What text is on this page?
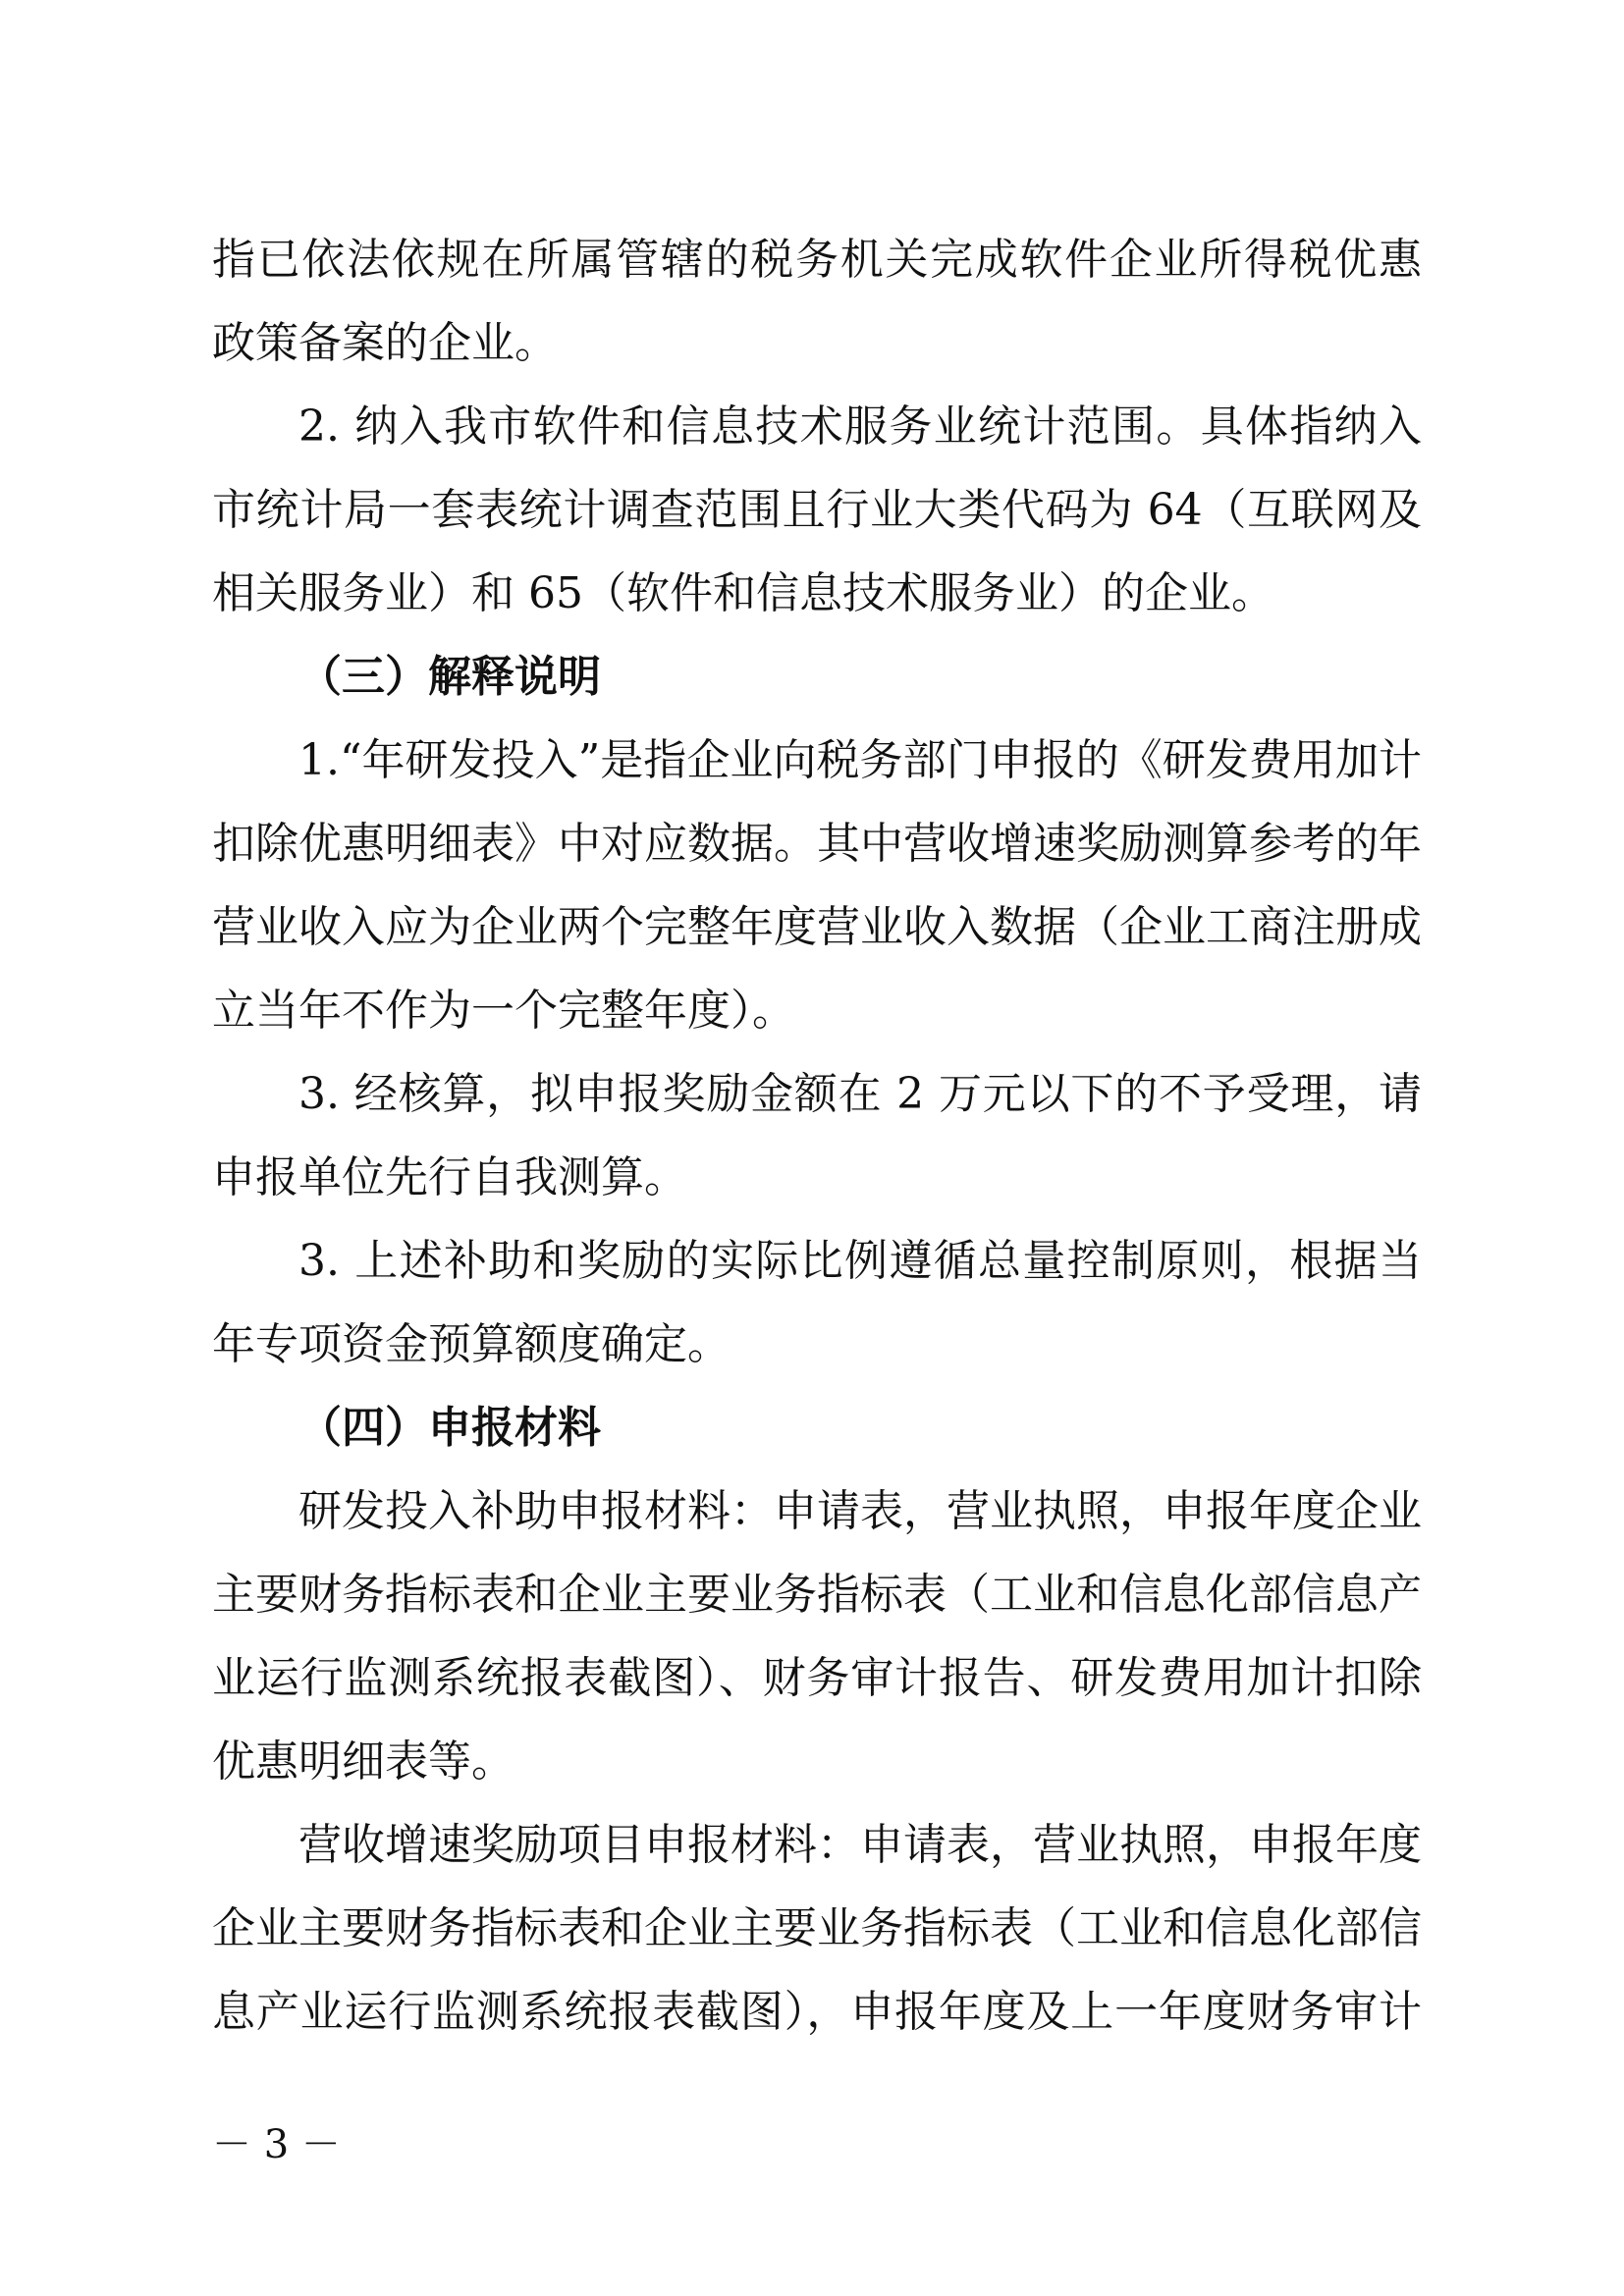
指已依法依规在所属管辖的税务机关完成软件企业所得税优惠
政策备案的企业。
2. 纳入我市软件和信息技术服务业统计范围。具体指纳入
市统计局一套表统计调查范围且行业大类代码为 64（互联网及
相关服务业）和 65（软件和信息技术服务业）的企业。
（三）解释说明
1.“年研发投入”是指企业向税务部门申报的《研发费用加计
扣除优惠明细表》中对应数据。其中营收增速奖励测算参考的年
营业收入应为企业两个完整年度营业收入数据（企业工商注册成
立当年不作为一个完整年度）。
3. 经核算，拟申报奖励金额在 2 万元以下的不予受理，请
申报单位先行自我测算。
3. 上述补助和奖励的实际比例遵循总量控制原则，根据当
年专项资金预算额度确定。
（四）申报材料
研发投入补助申报材料：申请表，营业执照，申报年度企业
主要财务指标表和企业主要业务指标表（工业和信息化部信息产
业运行监测系统报表截图）、财务审计报告、研发费用加计扣除
优惠明细表等。
营收增速奖励项目申报材料：申请表，营业执照，申报年度
企业主要财务指标表和企业主要业务指标表（工业和信息化部信
息产业运行监测系统报表截图），申报年度及上一年度财务审计
－ 3 －
